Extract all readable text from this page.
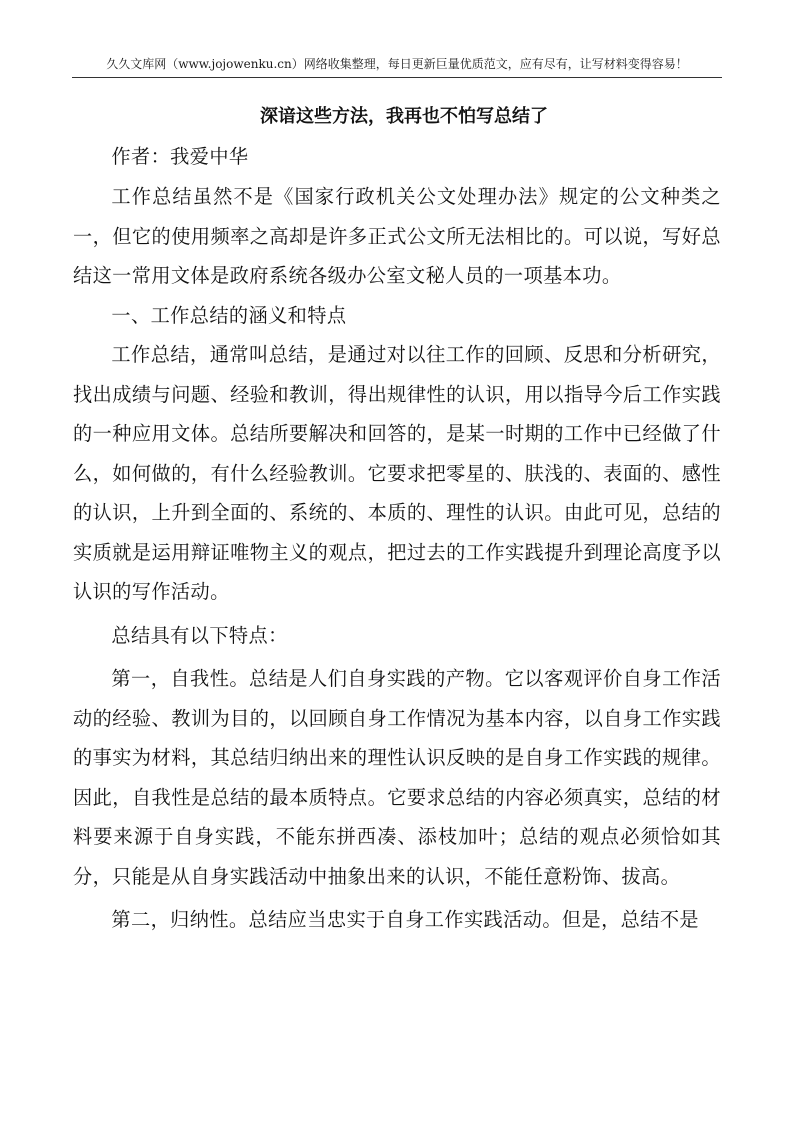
久久文库网（www.jojowenku.cn）网络收集整理，每日更新巨量优质范文，应有尽有，让写材料变得容易！
深谙这些方法，我再也不怕写总结了

作者：我爱中华

工作总结虽然不是《国家行政机关公文处理办法》规定的公文种类之一，但它的使用频率之高却是许多正式公文所无法相比的。可以说，写好总结这一常用文体是政府系统各级办公室文秘人员的一项基本功。

一、工作总结的涵义和特点

工作总结，通常叫总结，是通过对以往工作的回顾、反思和分析研究，找出成绩与问题、经验和教训，得出规律性的认识，用以指导今后工作实践的一种应用文体。总结所要解决和回答的，是某一时期的工作中已经做了什么，如何做的，有什么经验教训。它要求把零星的、肤浅的、表面的、感性的认识，上升到全面的、系统的、本质的、理性的认识。由此可见，总结的实质就是运用辩证唯物主义的观点，把过去的工作实践提升到理论高度予以认识的写作活动。

总结具有以下特点：

第一，自我性。总结是人们自身实践的产物。它以客观评价自身工作活动的经验、教训为目的，以回顾自身工作情况为基本内容，以自身工作实践的事实为材料，其总结归纳出来的理性认识反映的是自身工作实践的规律。因此，自我性是总结的最本质特点。它要求总结的内容必须真实，总结的材料要来源于自身实践，不能东拼西凑、添枝加叶；总结的观点必须恰如其分，只能是从自身实践活动中抽象出来的认识，不能任意粉饰、拔高。

第二，归纳性。总结应当忠实于自身工作实践活动。但是，总结不是
